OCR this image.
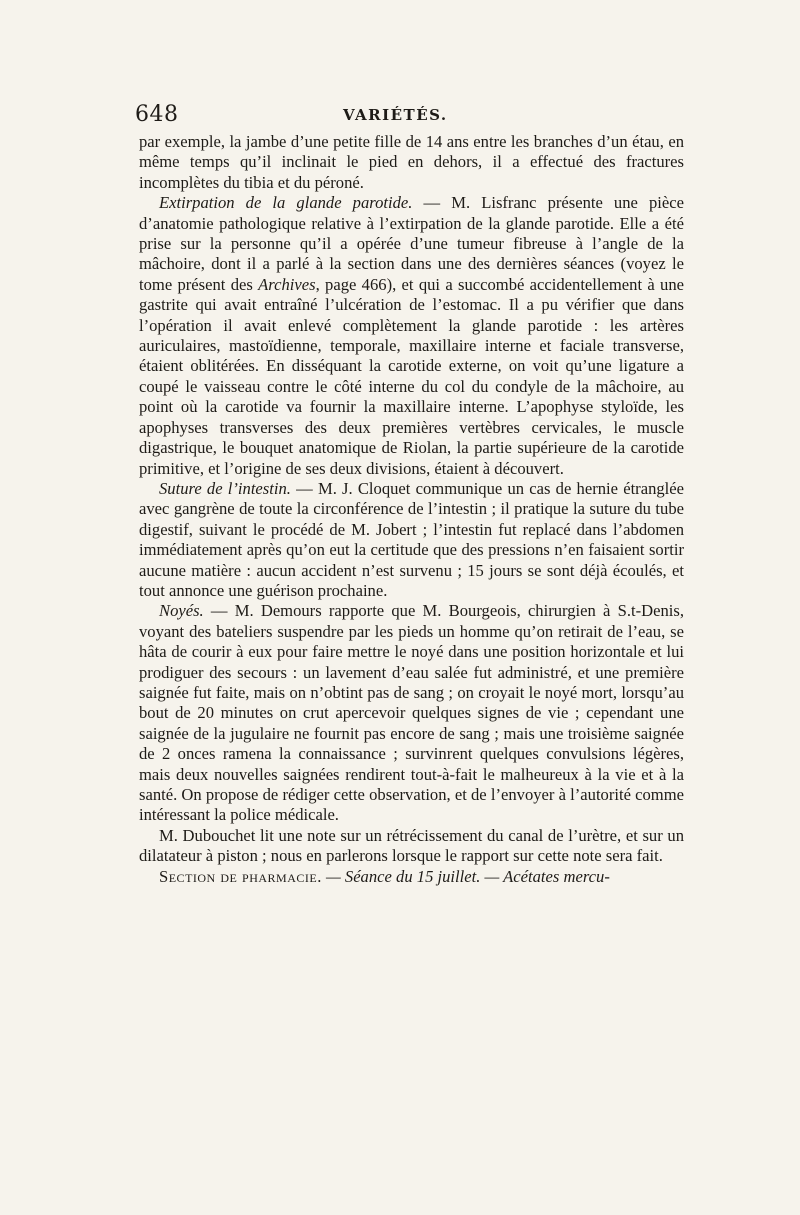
648	VARIÉTÉS.

par exemple, la jambe d’une petite fille de 14 ans entre les branches d’un étau, en même temps qu’il inclinait le pied en dehors, il a effectué des fractures incomplètes du tibia et du péroné.

Extirpation de la glande parotide. — M. Lisfranc présente une pièce d’anatomie pathologique relative à l’extirpation de la glande parotide. Elle a été prise sur la personne qu’il a opérée d’une tumeur fibreuse à l’angle de la mâchoire, dont il a parlé à la section dans une des dernières séances (voyez le tome présent des Archives, page 466), et qui a succombé accidentellement à une gastrite qui avait entraîné l’ulcération de l’estomac. Il a pu vérifier que dans l’opération il avait enlevé complètement la glande parotide : les artères auriculaires, mastoïdienne, temporale, maxillaire interne et faciale transverse, étaient oblitérées. En disséquant la carotide externe, on voit qu’une ligature a coupé le vaisseau contre le côté interne du col du condyle de la mâchoire, au point où la carotide va fournir la maxillaire interne. L’apophyse styloïde, les apophyses transverses des deux premières vertèbres cervicales, le muscle digastrique, le bouquet anatomique de Riolan, la partie supérieure de la carotide primitive, et l’origine de ses deux divisions, étaient à découvert.

Suture de l’intestin. — M. J. Cloquet communique un cas de hernie étranglée avec gangrène de toute la circonférence de l’intestin ; il pratique la suture du tube digestif, suivant le procédé de M. Jobert ; l’intestin fut replacé dans l’abdomen immédiatement après qu’on eut la certitude que des pressions n’en faisaient sortir aucune matière : aucun accident n’est survenu ; 15 jours se sont déjà écoulés, et tout annonce une guérison prochaine.

Noyés. — M. Demours rapporte que M. Bourgeois, chirurgien à S.t-Denis, voyant des bateliers suspendre par les pieds un homme qu’on retirait de l’eau, se hâta de courir à eux pour faire mettre le noyé dans une position horizontale et lui prodiguer des secours : un lavement d’eau salée fut administré, et une première saignée fut faite, mais on n’obtint pas de sang ; on croyait le noyé mort, lorsqu’au bout de 20 minutes on crut apercevoir quelques signes de vie ; cependant une saignée de la jugulaire ne fournit pas encore de sang ; mais une troisième saignée de 2 onces ramena la connaissance ; survinrent quelques convulsions légères, mais deux nouvelles saignées rendirent tout-à-fait le malheureux à la vie et à la santé. On propose de rédiger cette observation, et de l’envoyer à l’autorité comme intéressant la police médicale.

M. Dubouchet lit une note sur un rétrécissement du canal de l’urètre, et sur un dilatateur à piston ; nous en parlerons lorsque le rapport sur cette note sera fait.

Section de pharmacie. — Séance du 15 juillet. — Acétates mercu-
